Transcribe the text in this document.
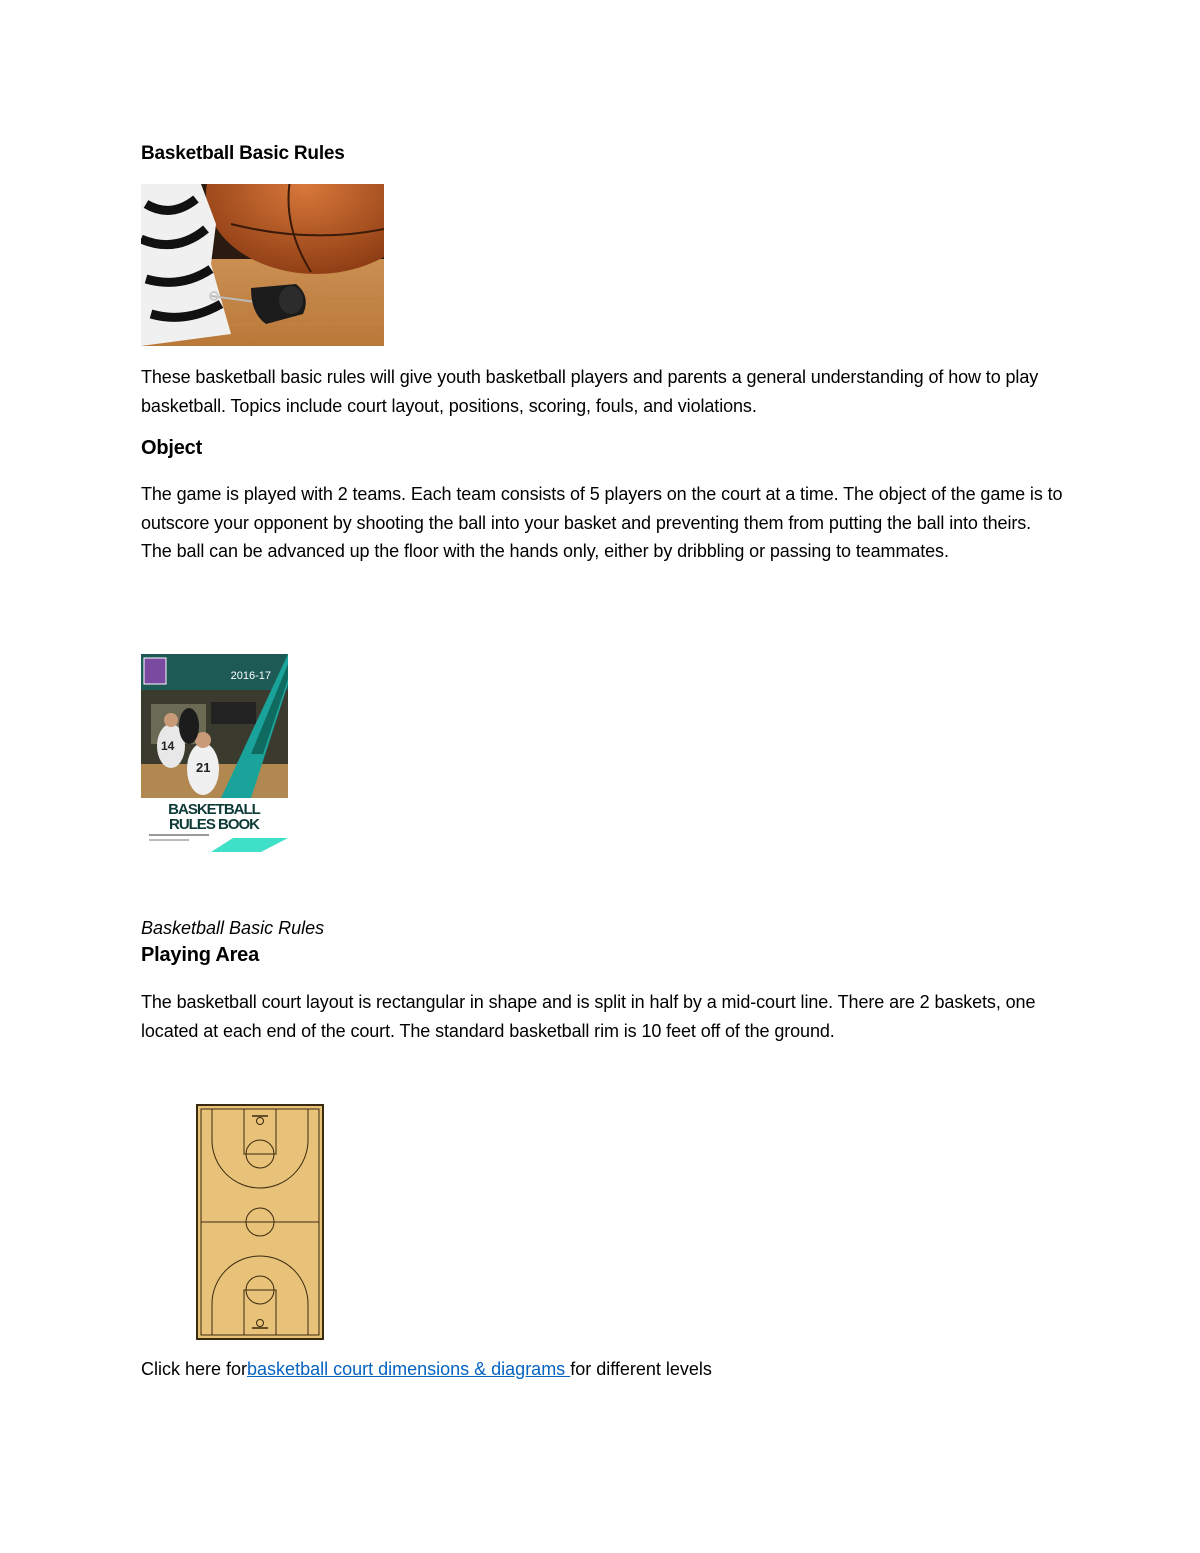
Basketball Basic Rules
These basketball basic rules will give youth basketball players and parents a general understanding of how to play basketball. Topics include court layout, positions, scoring, fouls, and violations.
Object
The game is played with 2 teams. Each team consists of 5 players on the court at a time. The object of the game is to outscore your opponent by shooting the ball into your basket and preventing them from putting the ball into theirs. The ball can be advanced up the floor with the hands only, either by dribbling or passing to teammates.
14
21
2016-17
BASKETBALL
RULES BOOK
Basketball Basic Rules
Playing Area
The basketball court layout is rectangular in shape and is split in half by a mid-court line. There are 2 baskets, one located at each end of the court. The standard basketball rim is 10 feet off of the ground.
Click here forbasketball court dimensions & diagrams for different levels
